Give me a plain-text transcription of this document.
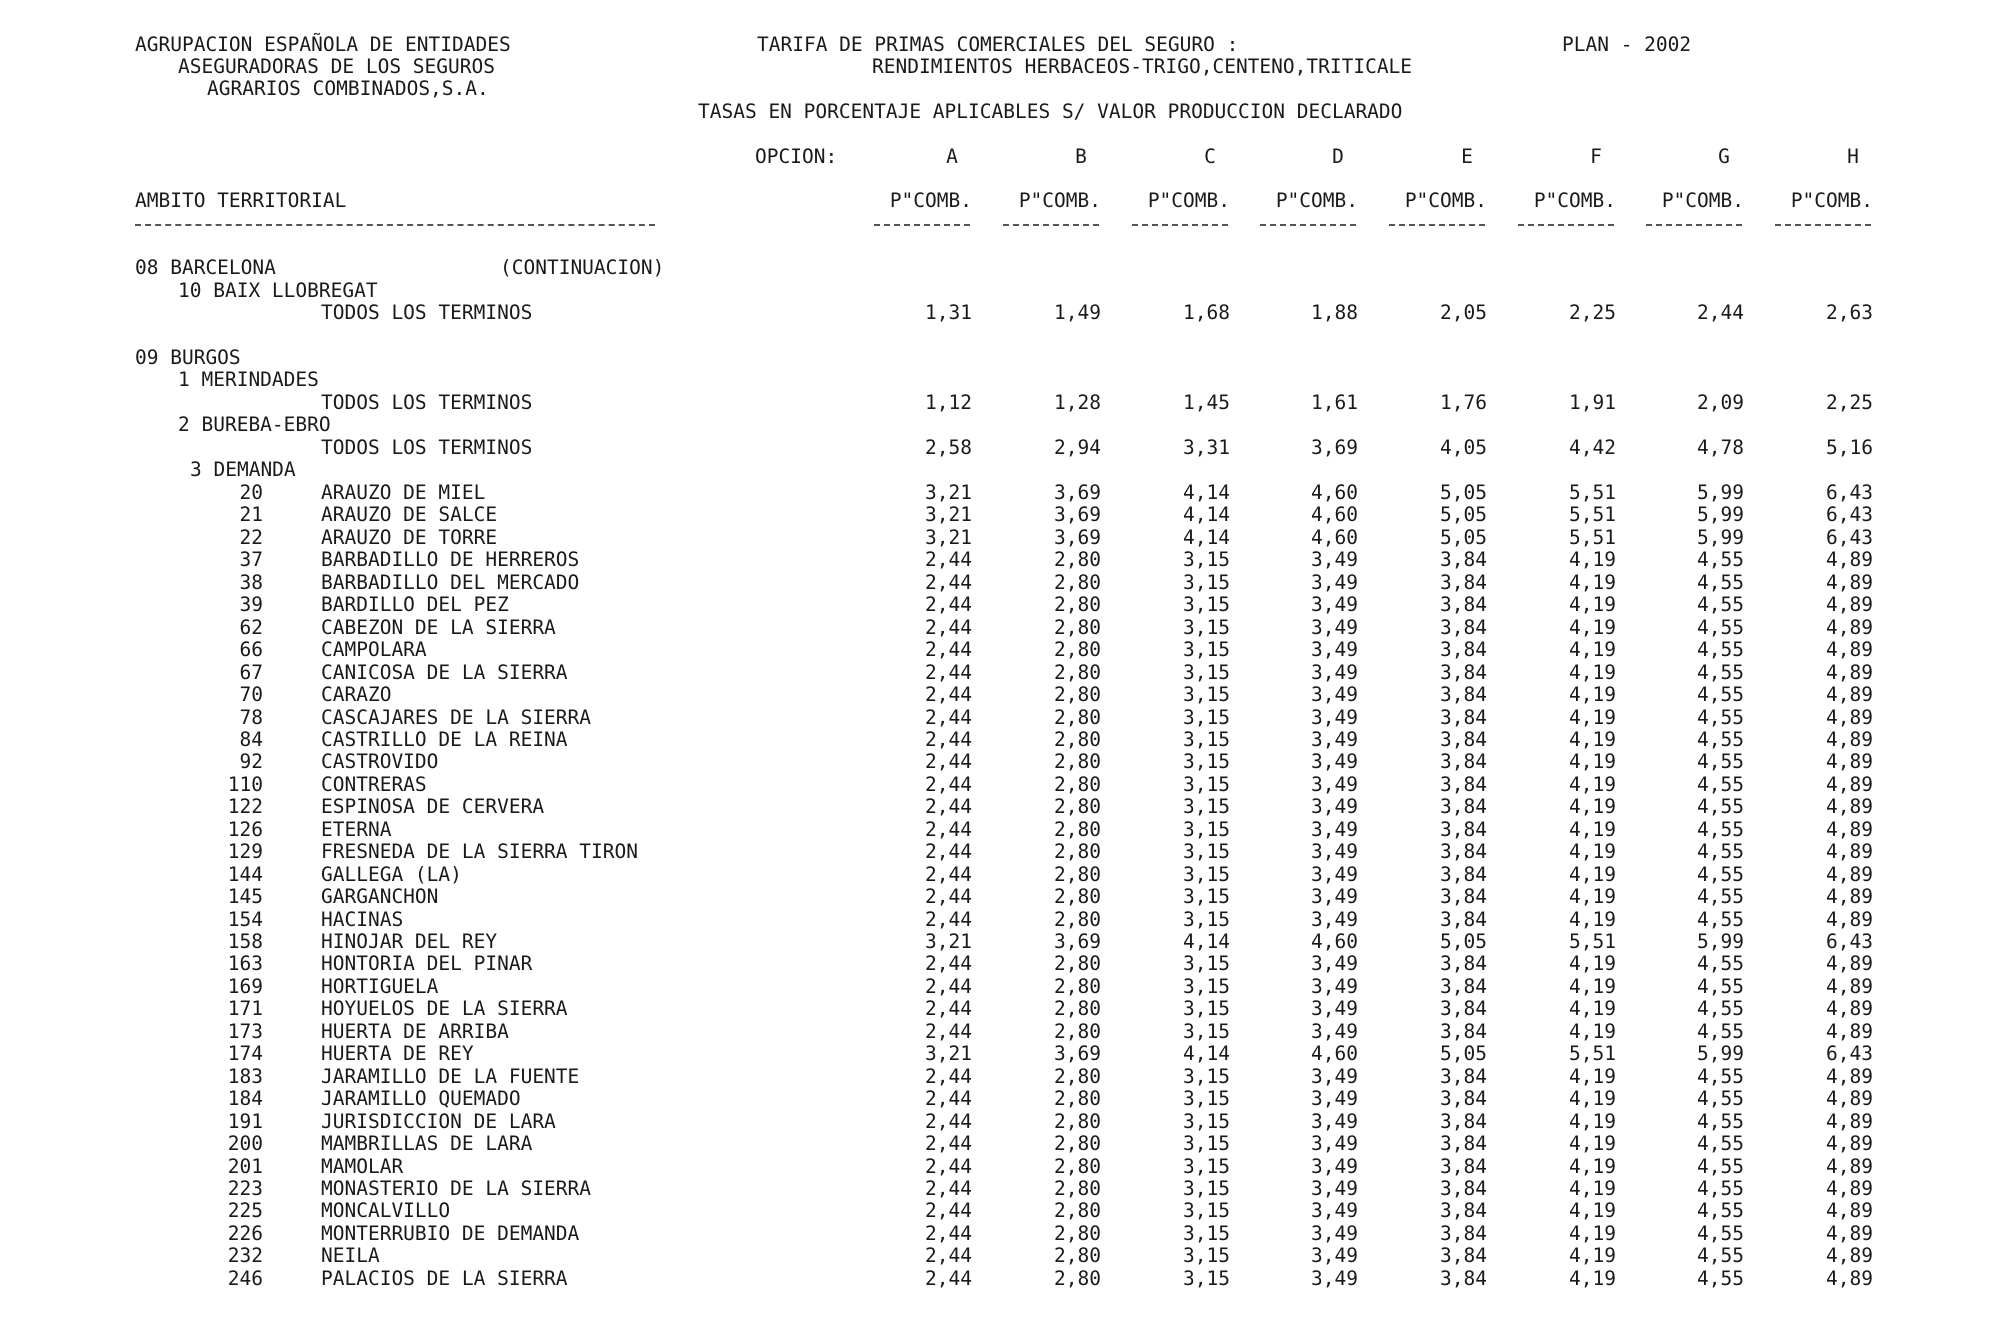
AGRUPACION ESPAÑOLA DE ENTIDADES
ASEGURADORAS DE LOS SEGUROS
AGRARIOS COMBINADOS,S.A.
TARIFA DE PRIMAS COMERCIALES DEL SEGURO :
RENDIMIENTOS HERBACEOS-TRIGO,CENTENO,TRITICALE
PLAN - 2002
TASAS EN PORCENTAJE APLICABLES S/ VALOR PRODUCCION DECLARADO
OPCION:	A	B	C	D	E	F	G	H
AMBITO TERRITORIAL	P"COMB. P"COMB. P"COMB. P"COMB. P"COMB. P"COMB. P"COMB. P"COMB.
08 BARCELONA	(CONTINUACION)
10 BAIX LLOBREGAT
TODOS LOS TERMINOS	1,31	1,49	1,68	1,88	2,05	2,25	2,44	2,63
09 BURGOS
1 MERINDADES
TODOS LOS TERMINOS	1,12	1,28	1,45	1,61	1,76	1,91	2,09	2,25
2 BUREBA-EBRO
TODOS LOS TERMINOS	2,58	2,94	3,31	3,69	4,05	4,42	4,78	5,16
3 DEMANDA
20	ARAUZO DE MIEL	3,21	3,69	4,14	4,60	5,05	5,51	5,99	6,43
21	ARAUZO DE SALCE	3,21	3,69	4,14	4,60	5,05	5,51	5,99	6,43
22	ARAUZO DE TORRE	3,21	3,69	4,14	4,60	5,05	5,51	5,99	6,43
37	BARBADILLO DE HERREROS	2,44	2,80	3,15	3,49	3,84	4,19	4,55	4,89
38	BARBADILLO DEL MERCADO	2,44	2,80	3,15	3,49	3,84	4,19	4,55	4,89
39	BARDILLO DEL PEZ	2,44	2,80	3,15	3,49	3,84	4,19	4,55	4,89
62	CABEZON DE LA SIERRA	2,44	2,80	3,15	3,49	3,84	4,19	4,55	4,89
66	CAMPOLARA	2,44	2,80	3,15	3,49	3,84	4,19	4,55	4,89
67	CANICOSA DE LA SIERRA	2,44	2,80	3,15	3,49	3,84	4,19	4,55	4,89
70	CARAZO	2,44	2,80	3,15	3,49	3,84	4,19	4,55	4,89
78	CASCAJARES DE LA SIERRA	2,44	2,80	3,15	3,49	3,84	4,19	4,55	4,89
84	CASTRILLO DE LA REINA	2,44	2,80	3,15	3,49	3,84	4,19	4,55	4,89
92	CASTROVIDO	2,44	2,80	3,15	3,49	3,84	4,19	4,55	4,89
110	CONTRERAS	2,44	2,80	3,15	3,49	3,84	4,19	4,55	4,89
122	ESPINOSA DE CERVERA	2,44	2,80	3,15	3,49	3,84	4,19	4,55	4,89
126	ETERNA	2,44	2,80	3,15	3,49	3,84	4,19	4,55	4,89
129	FRESNEDA DE LA SIERRA TIRON	2,44	2,80	3,15	3,49	3,84	4,19	4,55	4,89
144	GALLEGA (LA)	2,44	2,80	3,15	3,49	3,84	4,19	4,55	4,89
145	GARGANCHON	2,44	2,80	3,15	3,49	3,84	4,19	4,55	4,89
154	HACINAS	2,44	2,80	3,15	3,49	3,84	4,19	4,55	4,89
158	HINOJAR DEL REY	3,21	3,69	4,14	4,60	5,05	5,51	5,99	6,43
163	HONTORIA DEL PINAR	2,44	2,80	3,15	3,49	3,84	4,19	4,55	4,89
169	HORTIGUELA	2,44	2,80	3,15	3,49	3,84	4,19	4,55	4,89
171	HOYUELOS DE LA SIERRA	2,44	2,80	3,15	3,49	3,84	4,19	4,55	4,89
173	HUERTA DE ARRIBA	2,44	2,80	3,15	3,49	3,84	4,19	4,55	4,89
174	HUERTA DE REY	3,21	3,69	4,14	4,60	5,05	5,51	5,99	6,43
183	JARAMILLO DE LA FUENTE	2,44	2,80	3,15	3,49	3,84	4,19	4,55	4,89
184	JARAMILLO QUEMADO	2,44	2,80	3,15	3,49	3,84	4,19	4,55	4,89
191	JURISDICCION DE LARA	2,44	2,80	3,15	3,49	3,84	4,19	4,55	4,89
200	MAMBRILLAS DE LARA	2,44	2,80	3,15	3,49	3,84	4,19	4,55	4,89
201	MAMOLAR	2,44	2,80	3,15	3,49	3,84	4,19	4,55	4,89
223	MONASTERIO DE LA SIERRA	2,44	2,80	3,15	3,49	3,84	4,19	4,55	4,89
225	MONCALVILLO	2,44	2,80	3,15	3,49	3,84	4,19	4,55	4,89
226	MONTERRUBIO DE DEMANDA	2,44	2,80	3,15	3,49	3,84	4,19	4,55	4,89
232	NEILA	2,44	2,80	3,15	3,49	3,84	4,19	4,55	4,89
246	PALACIOS DE LA SIERRA	2,44	2,80	3,15	3,49	3,84	4,19	4,55	4,89
